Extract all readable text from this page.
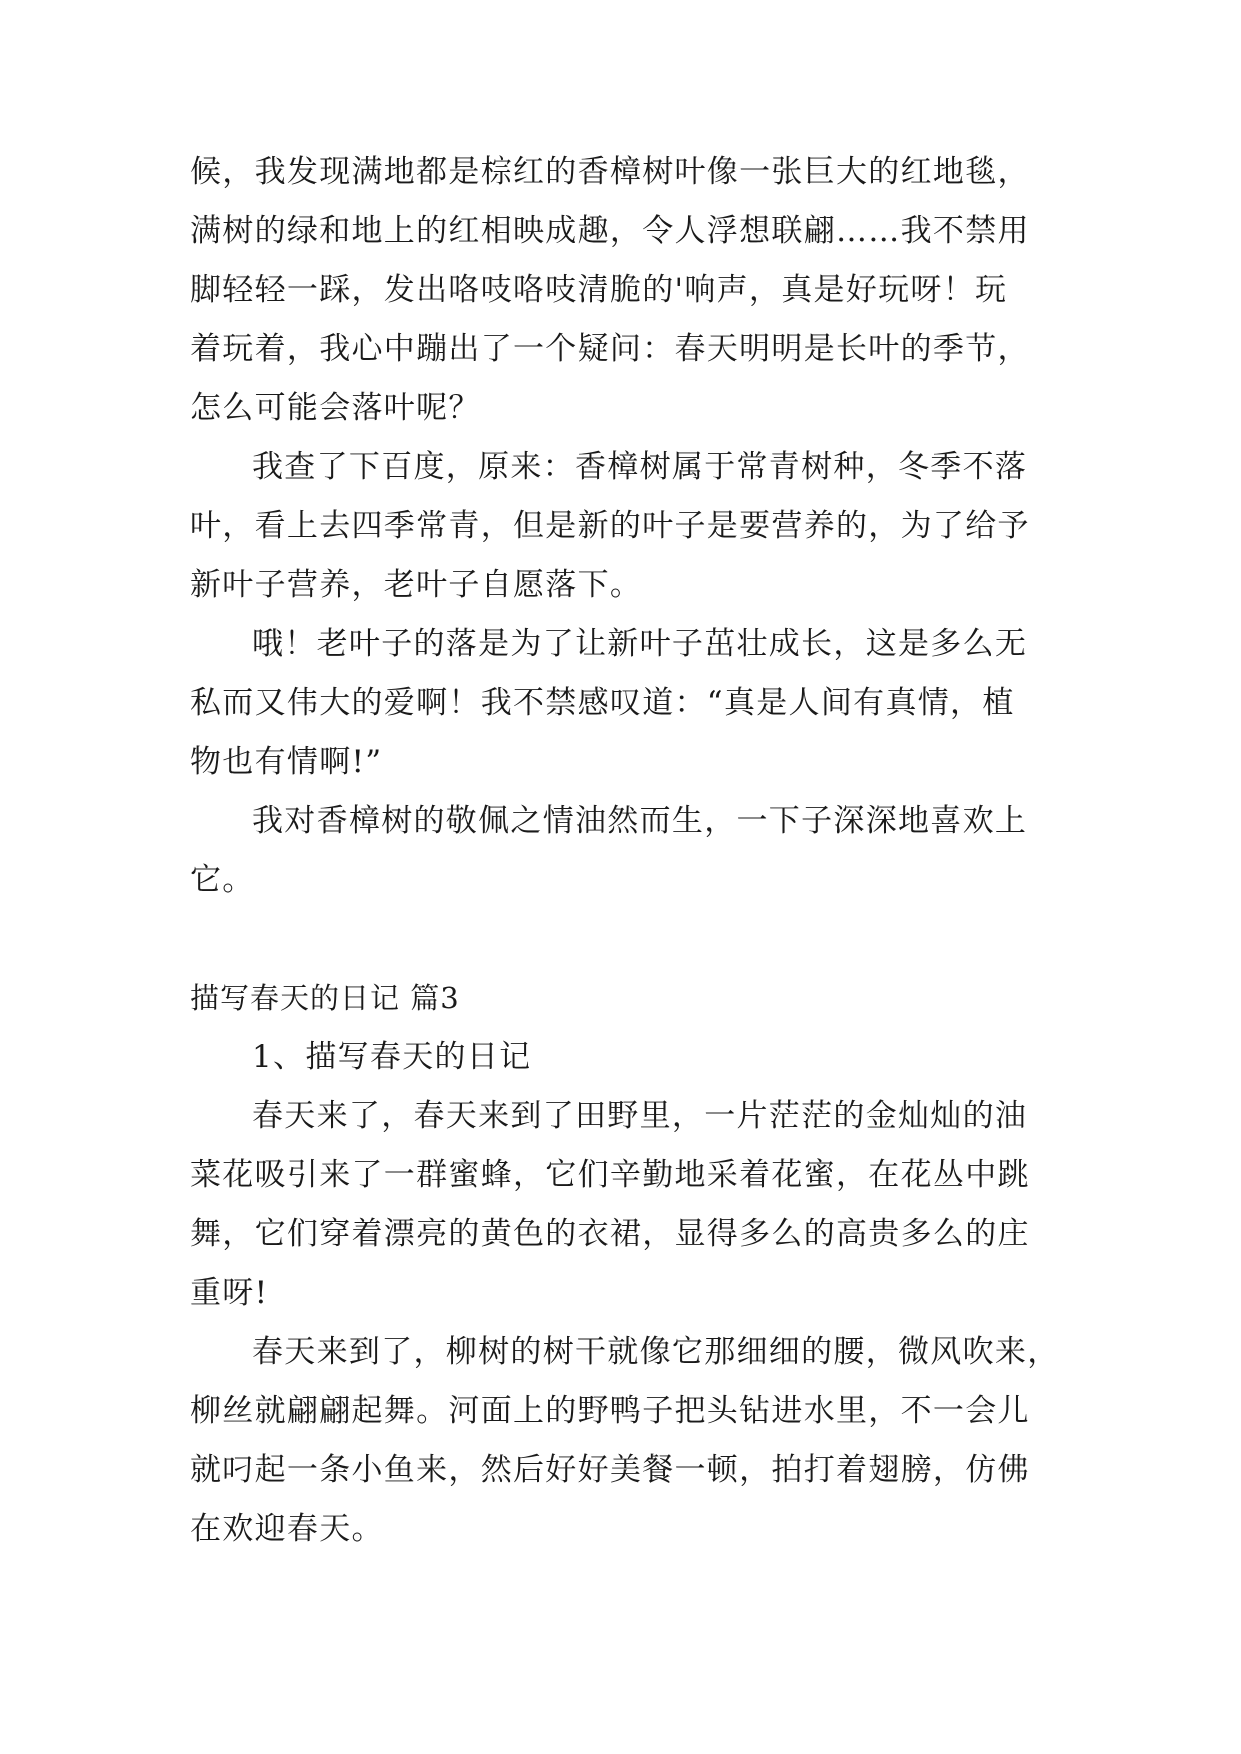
候，我发现满地都是棕红的香樟树叶像一张巨大的红地毯，
满树的绿和地上的红相映成趣，令人浮想联翩……我不禁用
脚轻轻一踩，发出咯吱咯吱清脆的'响声，真是好玩呀！玩
着玩着，我心中蹦出了一个疑问：春天明明是长叶的季节，
怎么可能会落叶呢？
我查了下百度，原来：香樟树属于常青树种，冬季不落
叶，看上去四季常青，但是新的叶子是要营养的，为了给予
新叶子营养，老叶子自愿落下。
哦！老叶子的落是为了让新叶子茁壮成长，这是多么无
私而又伟大的爱啊！我不禁感叹道：“真是人间有真情，植
物也有情啊!”
我对香樟树的敬佩之情油然而生，一下子深深地喜欢上
它。
描写春天的日记 篇3
1、描写春天的日记
春天来了，春天来到了田野里，一片茫茫的金灿灿的油
菜花吸引来了一群蜜蜂，它们辛勤地采着花蜜，在花丛中跳
舞，它们穿着漂亮的黄色的衣裙，显得多么的高贵多么的庄
重呀!
春天来到了，柳树的树干就像它那细细的腰，微风吹来，
柳丝就翩翩起舞。河面上的野鸭子把头钻进水里，不一会儿
就叼起一条小鱼来，然后好好美餐一顿，拍打着翅膀，仿佛
在欢迎春天。
